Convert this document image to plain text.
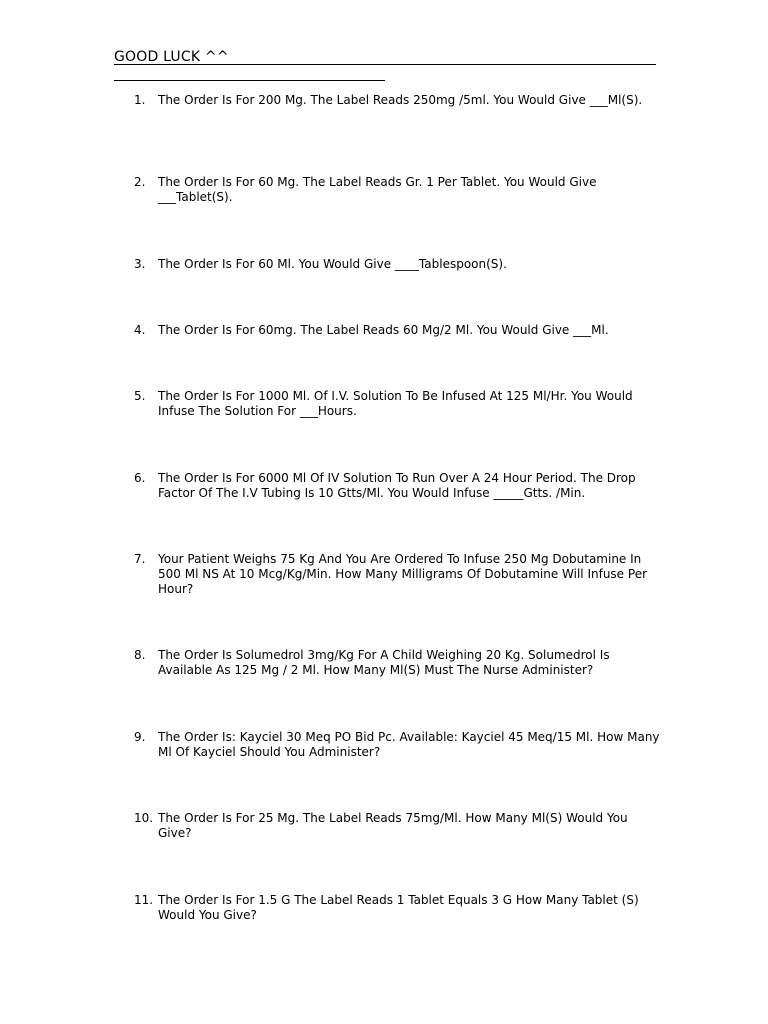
GOOD LUCK ^^
1.	The Order Is For 200 Mg. The Label Reads 250mg /5ml. You Would Give ___Ml(S).
2.	The Order Is For 60 Mg. The Label Reads Gr. 1 Per Tablet. You Would Give ___Tablet(S).
3.	The Order Is For 60 Ml. You Would Give ____Tablespoon(S).
4.	The Order Is For 60mg. The Label Reads 60 Mg/2 Ml. You Would Give ___Ml.
5.	The Order Is For 1000 Ml. Of I.V. Solution To Be Infused At 125 Ml/Hr. You Would Infuse The Solution For ___Hours.
6.	The Order Is For 6000 Ml Of IV Solution To Run Over A 24 Hour Period. The Drop Factor Of The I.V Tubing Is 10 Gtts/Ml. You Would Infuse _____Gtts. /Min.
7.	Your Patient Weighs 75 Kg And You Are Ordered To Infuse 250 Mg Dobutamine In 500 Ml NS At 10 Mcg/Kg/Min. How Many Milligrams Of Dobutamine Will Infuse Per Hour?
8.	The Order Is Solumedrol 3mg/Kg For A Child Weighing 20 Kg. Solumedrol Is Available As 125 Mg / 2 Ml. How Many Ml(S) Must The Nurse Administer?
9.	The Order Is: Kayciel 30 Meq PO Bid Pc. Available: Kayciel 45 Meq/15 Ml. How Many Ml Of Kayciel Should You Administer?
10. The Order Is For 25 Mg. The Label Reads 75mg/Ml. How Many Ml(S) Would You Give?
11. The Order Is For 1.5 G The Label Reads 1 Tablet Equals 3 G How Many Tablet (S) Would You Give?
